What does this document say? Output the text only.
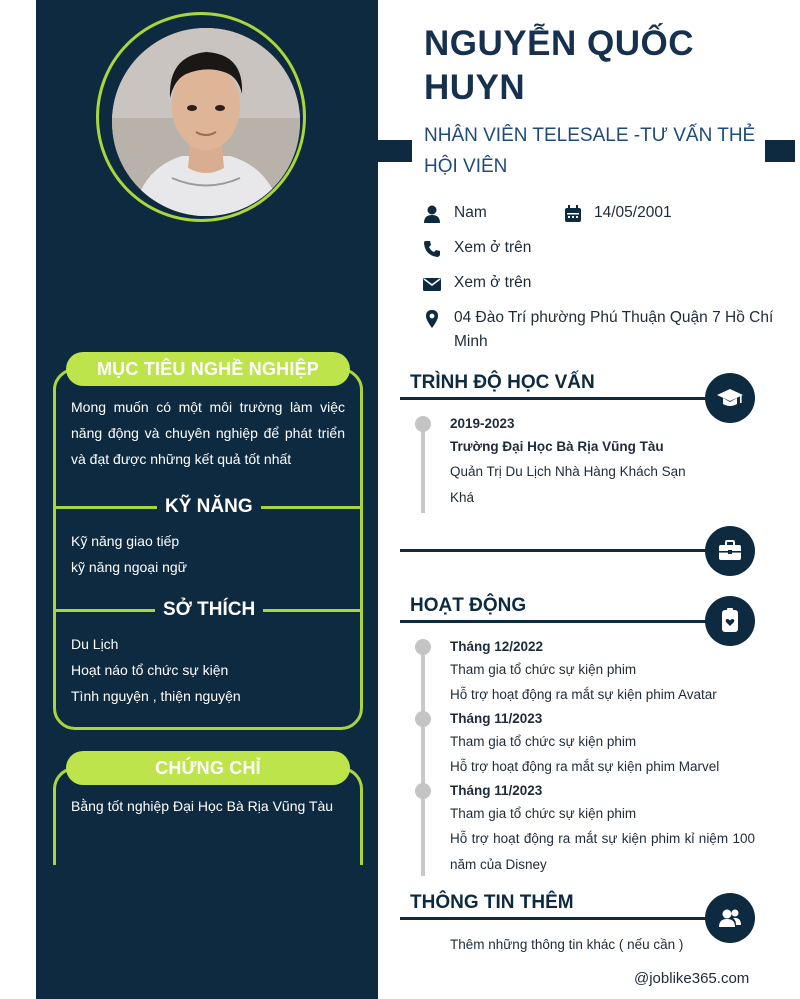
MỤC TIÊU NGHỀ NGHIỆP
Mong muốn có một môi trường làm việc năng động và chuyên nghiệp để phát triển và đạt được những kết quả tốt nhất
KỸ NĂNG
Kỹ năng giao tiếp
kỹ năng ngoại ngữ
SỞ THÍCH
Du Lịch
Hoạt náo tổ chức sự kiện
Tình nguyện , thiện nguyện
CHỨNG CHỈ
Bằng tốt nghiệp Đại Học Bà Rịa Vũng Tàu
NGUYỄN QUỐC HUYN
NHÂN VIÊN TELESALE -TƯ VẤN THẺ HỘI VIÊN
Nam	14/05/2001
Xem ở trên
Xem ở trên
04 Đào Trí phường Phú Thuận Quận 7 Hồ Chí Minh
TRÌNH ĐỘ HỌC VẤN
2019-2023
Trường Đại Học Bà Rịa Vũng Tàu
Quản Trị Du Lịch Nhà Hàng Khách Sạn
Khá
HOẠT ĐỘNG
Tháng 12/2022
Tham gia tổ chức sự kiện phim
Hỗ trợ hoạt động ra mắt sự kiện phim Avatar
Tháng 11/2023
Tham gia tổ chức sự kiện phim
Hỗ trợ hoạt động ra mắt sự kiện phim Marvel
Tháng 11/2023
Tham gia tổ chức sự kiện phim
Hỗ trợ hoạt động ra mắt sự kiện phim kỉ niệm 100 năm của Disney
THÔNG TIN THÊM
Thêm những thông tin khác ( nếu cần )
@joblike365.com
